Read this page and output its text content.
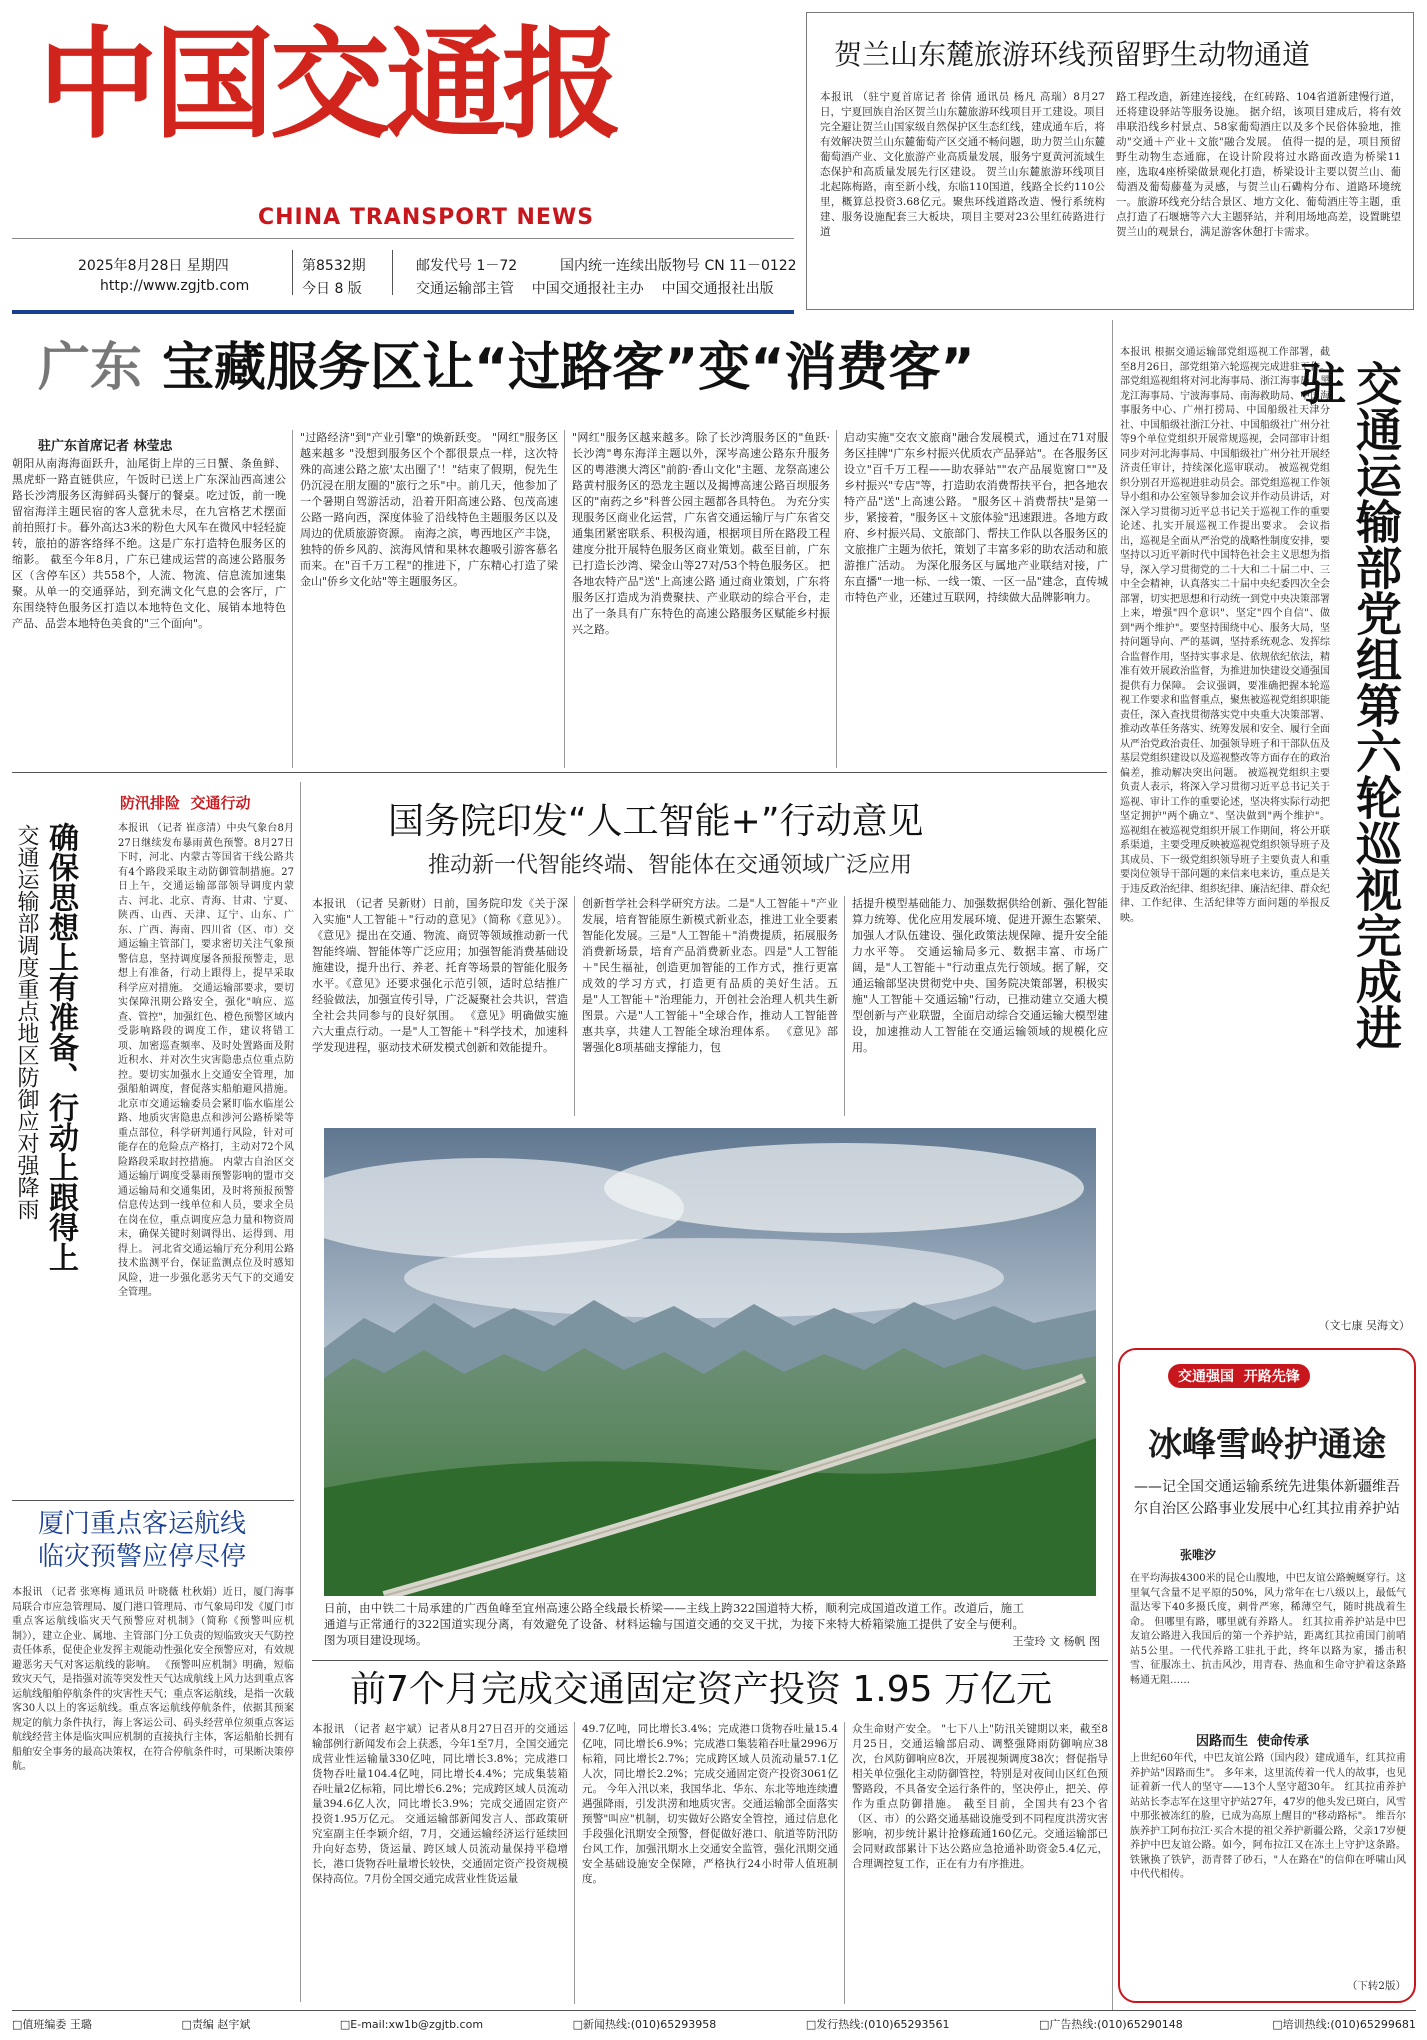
中国交通报
CHINA TRANSPORT NEWS
2025年8月28日 星期四
http://www.zgjtb.com
第8532期
今日 8 版
邮发代号 1－72	国内统一连续出版物号 CN 11－0122
交通运输部主管    中国交通报社主办    中国交通报社出版
贺兰山东麓旅游环线预留野生动物通道
本报讯 （驻宁夏首席记者 徐倩 通讯员 杨凡 高瑞）8月27日，宁夏回族自治区贺兰山东麓旅游环线项目开工建设。项目完全避让贺兰山国家级自然保护区生态红线，建成通车后，将有效解决贺兰山东麓葡萄产区交通不畅问题，助力贺兰山东麓葡萄酒产业、文化旅游产业高质量发展，服务宁夏黄河流域生态保护和高质量发展先行区建设。 贺兰山东麓旅游环线项目北起陈梅路，南至新小线，东临110国道，线路全长约110公里，概算总投资3.68亿元。聚焦环线道路改造、慢行系统构建、服务设施配套三大板块，项目主要对23公里红砖路进行道
路工程改造，新建连接线，在红砖路、104省道新建慢行道，还将建设驿站等服务设施。 据介绍，该项目建成后，将有效串联沿线乡村景点、58家葡萄酒庄以及多个民俗体验地，推动"交通＋产业＋文旅"融合发展。 值得一提的是，项目预留野生动物生态通廊，在设计阶段将过水路面改造为桥梁11座，选取4座桥梁做景观化打造，桥梁设计主要以贺兰山、葡萄酒及葡萄藤蔓为灵感，与贺兰山石磡构分布、道路环境统一。旅游环线充分结合景区、地方文化、葡萄酒庄等主题，重点打造了石堰塘等六大主题驿站，并利用场地高差，设置眺望贺兰山的观景台，满足游客休憩打卡需求。
广东 宝藏服务区让“过路客”变“消费客”
驻广东首席记者 林莹忠
朝阳从南海海面跃升，汕尾街上岸的三日蟹、条鱼鲜、黑虎虾一路直链供应，午饭时已送上广东深汕西高速公路长沙湾服务区海鲜码头餐厅的餐桌。吃过饭，前一晚留宿海洋主题民宿的客人意犹未尽，在九宫格艺术摆面前拍照打卡。暮外高达3米的粉色大风车在微风中轻轻旋转，旅拍的游客络绎不绝。这是广东打造特色服务区的缩影。 截至今年8月，广东已建成运营的高速公路服务区（含停车区）共558个，人流、物流、信息流加速集聚。从单一的交通驿站，到充满文化气息的会客厅，广东围绕特色服务区打造以本地特色文化、展销本地特色产品、品尝本地特色美食的"三个面向"。
"过路经济"到"产业引擎"的焕新跃变。 "网红"服务区越来越多 "没想到服务区个个都很景点一样，这次特殊的高速公路之旅'太出圈了'！"结束了假期，倪先生仍沉浸在朋友圈的"旅行之乐"中。前几天，他参加了一个暑期自驾游活动，沿着开阳高速公路、包茂高速公路一路向西，深度体验了沿线特色主题服务区以及周边的优质旅游资源。 南海之滨，粤西地区产丰饶，独特的侨乡风韵、滨海风情和果林农趣吸引游客慕名而来。在"百千万工程"的推进下，广东精心打造了梁金山"侨乡文化站"等主题服务区。
"网红"服务区越来越多。除了长沙湾服务区的"鱼跃·长沙湾"粤东海洋主题以外，深岑高速公路东升服务区的粤港澳大湾区"前韵·香山文化"主题、龙祭高速公路黄村服务区的恐龙主题以及揭博高速公路百坝服务区的"南药之乡"科普公园主题都各具特色。 为充分实现服务区商业化运营，广东省交通运输厅与广东省交通集团紧密联系、积极沟通，根据项目所在路段工程建度分批开展特色服务区商业策划。截至目前，广东已打造长沙湾、梁金山等27对/53个特色服务区。 把各地农特产品"送"上高速公路 通过商业策划，广东将服务区打造成为消费聚扶、产业联动的综合平台，走出了一条具有广东特色的高速公路服务区赋能乡村振兴之路。
启动实施"交农文旅商"融合发展模式，通过在71对服务区挂牌"广东乡村振兴优质农产品驿站"。在各服务区设立"百千万工程——助农驿站""农产品展览窗口""及乡村振兴"专店"等，打造助农消费帮扶平台，把各地农特产品"送"上高速公路。 "服务区＋消费帮扶"是第一步，紧接着，"服务区＋文旅体验"迅速跟进。各地方政府、乡村振兴局、文旅部门、帮扶工作队以各服务区的文旅推广主题为依托，策划了丰富多彩的助农活动和旅游推广活动。 为深化服务区与属地产业联结对接，广东直播"一地一标、一线一策、一区一品"建念，直传城市特色产业，还建过互联网，持续做大品牌影响力。
防汛排险  交通行动
交通运输部调度重点地区防御应对强降雨 确保思想上有准备、行动上跟得上	本报讯 （记者 崔彦清）中央气象台8月27日继续发布暴雨黄色预警。8月27日下时，河北、内蒙古等国省干线公路共有4个路段采取主动防御管制措施。27日上午，交通运输部部领导调度内蒙古、河北、北京、青海、甘肃、宁夏、陕西、山西、天津、辽宁、山东、广东、广西、海南、四川省（区、市）交通运输主管部门，要求密切关注气象预警信息，坚持调度屡各预报预警走，思想上有准备，行动上跟得上，提早采取科学应对措施。 交通运输部要求，要切实保障汛期公路安全，强化"响应、巡查、管控"，加强红色、橙色预警区域内受影响路段的调度工作，建议将错工项、加密巡查频率、及时处置路面及附近积水、并对次生灾害隐患点位重点防控。要切实加强水上交通安全管理，加强船舶调度，督促落实船舶避风措施。 北京市交通运输委员会紧盯临水临崖公路、地质灾害隐患点和涉河公路桥梁等重点部位，科学研判通行风险，针对可能存在的危险点产格打，主动对72个风险路段采取封控措施。 内蒙古自治区交通运输厅调度受暴雨预警影响的盟市交通运输局和交通集团，及时将预报预警信息传达到一线单位和人员，要求全员在岗在位，重点调度应急力量和物资周末，确保关键时刻调得出、运得到、用得上。 河北省交通运输厅充分利用公路技术监测平台，保证监测点位及时感知风险，进一步强化恶劣天气下的交通安全管理。
厦门重点客运航线
临灾预警应停尽停
本报讯 （记者 张寒梅 通讯员 叶晓薇 杜秋娟）近日，厦门海事局联合市应急管理局、厦门港口管理局、市气象局印发《厦门市重点客运航线临灾天气预警应对机制》（简称《预警叫应机制》），建立企业、属地、主管部门分工负责的短临致灾天气防控责任体系，促使企业发挥主观能动性强化安全预警应对，有效规避恶劣天气对客运航线的影响。 《预警叫应机制》明确，短临致灾天气，是指强对流等突发性天气达成航线上风力达到重点客运航线船舶停航条件的灾害性天气；重点客运航线，是指一次载客30人以上的客运航线。重点客运航线停航条件，依据其预案规定的航力条件执行，海上客运公司、码头经营单位须重点客运航线经营主体是临灾叫应机制的直接执行主体，客运船舶长拥有船舶安全事务的最高决策权，在符合停航条件时，可果断决策停航。
国务院印发“人工智能+”行动意见
推动新一代智能终端、智能体在交通领域广泛应用
本报讯 （记者 吴新财）日前，国务院印发《关于深入实施"人工智能＋"行动的意见》（简称《意见》）。《意见》提出在交通、物流、商贸等领域推动新一代智能终端、智能体等广泛应用；加强智能消费基础设施建设，提升出行、养老、托育等场景的智能化服务水平。《意见》还要求强化示范引领，适时总结推广经验做法，加强宣传引导，广泛凝聚社会共识，营造全社会共同参与的良好氛围。 《意见》明确做实施六大重点行动。一是"人工智能＋"科学技术，加速科学发现进程，驱动技术研发模式创新和效能提升。
创新哲学社会科学研究方法。二是"人工智能＋"产业发展，培育智能原生新模式新业态，推进工业全要素智能化发展。三是"人工智能＋"消费提质，拓展服务消费新场景，培育产品消费新业态。四是"人工智能＋"民生福祉，创造更加智能的工作方式，推行更富成效的学习方式，打造更有品质的美好生活。五是"人工智能＋"治理能力，开创社会治理人机共生新图景。六是"人工智能＋"全球合作，推动人工智能普惠共享，共建人工智能全球治理体系。 《意见》部署强化8项基础支撑能力，包
括提升模型基础能力、加强数据供给创新、强化智能算力统筹、优化应用发展环境、促进开源生态繁荣、加强人才队伍建设、强化政策法规保障、提升安全能力水平等。 交通运输局多元、数据丰富、市场广阔，是"人工智能＋"行动重点先行领域。据了解，交通运输部坚决贯彻党中央、国务院决策部署，积极实施"人工智能＋交通运输"行动，已推动建立交通大模型创新与产业联盟，全面启动综合交通运输大模型建设，加速推动人工智能在交通运输领域的规模化应用。
日前，由中铁二十局承建的广西鱼峰至宜州高速公路全线最长桥梁——主线上跨322国道特大桥，顺利完成国道改道工作。改道后，施工通道与正常通行的322国道实现分离，有效避免了设备、材料运输与国道交通的交叉干扰，为接下来特大桥箱梁施工提供了安全与便利。 图为项目建设现场。	王莹玲 文 杨帆 图
前7个月完成交通固定资产投资 1.95 万亿元
本报讯 （记者 赵宇斌）记者从8月27日召开的交通运输部例行新闻发布会上获悉，今年1至7月，全国交通完成营业性运输量330亿吨，同比增长3.8%；完成港口货物吞吐量104.4亿吨，同比增长4.4%；完成集装箱吞吐量2亿标箱，同比增长6.2%；完成跨区域人员流动量394.6亿人次，同比增长3.9%；完成交通固定资产投资1.95万亿元。 交通运输部新闻发言人、部政策研究室副主任李颖介绍，7月，交通运输经济运行延续回升向好态势，货运量、跨区域人员流动量保持平稳增长，港口货物吞吐量增长较快，交通固定资产投资规模保持高位。7月份全国交通完成营业性货运量
49.7亿吨，同比增长3.4%；完成港口货物吞吐量15.4亿吨，同比增长6.9%；完成港口集装箱吞吐量2996万标箱，同比增长2.7%；完成跨区域人员流动量57.1亿人次，同比增长2.2%；完成交通固定资产投资3061亿元。 今年入汛以来，我国华北、华东、东北等地连续遭遇强降雨，引发洪涝和地质灾害。交通运输部全面落实预警"叫应"机制，切实做好公路安全管控，通过信息化手段强化汛期安全预警，督促做好港口、航道等防汛防台风工作，加强汛期水上交通安全监管，强化汛期交通安全基础设施安全保障，严格执行24小时带人值班制度。
众生命财产安全。 "七下八上"防汛关键期以来，截至8月25日，交通运输部启动、调整强降雨防御响应38次，台风防御响应8次，开展视频调度38次；督促指导相关单位强化主动防御管控，特别是对夜间山区红色预警路段，不具备安全运行条件的，坚决停止，把关、停作为重点防御措施。 截至目前，全国共有23个省（区、市）的公路交通基础设施受到不同程度洪涝灾害影响，初步统计累计抢修疏通160亿元。交通运输部已会同财政部累计下达公路应急抢通补助资金5.4亿元，合理调控复工作，正在有力有序推进。
本报讯 根据交通运输部党组巡视工作部署，截至8月26日，部党组第六轮巡视完成进驻工作。部党组巡视组将对河北海事局、浙江海事局、黑龙江海事局、宁波海事局、南海救助局、中国海事服务中心、广州打捞局、中国船级社天津分社、中国船级社浙江分社、中国船级社广州分社等9个单位党组织开展常规巡视，会同部审计组同步对河北海事局、中国船级社广州分社开展经济责任审计，持续深化巡审联动。 被巡视党组织分别召开巡视进驻动员会。部党组巡视工作领导小组和办公室领导参加会议并作动员讲话，对深入学习贯彻习近平总书记关于巡视工作的重要论述、扎实开展巡视工作提出要求。 会议指出，巡视是全面从严治党的战略性制度安排，要坚持以习近平新时代中国特色社会主义思想为指导，深入学习贯彻党的二十大和二十届二中、三中全会精神，认真落实二十届中央纪委四次全会部署，切实把思想和行动统一到党中央决策部署上来，增强"四个意识"、坚定"四个自信"、做到"两个维护"。要坚持围绕中心、服务大局，坚持问题导向、严的基调，坚持系统观念、发挥综合监督作用，坚持实事求是、依规依纪依法，精准有效开展政治监督，为推进加快建设交通强国提供有力保障。 会议强调，要准确把握本轮巡视工作要求和监督重点，聚焦被巡视党组织职能责任，深入查找贯彻落实党中央重大决策部署、推动改革任务落实、统筹发展和安全、履行全面从严治党政治责任、加强领导班子和干部队伍及基层党组织建设以及巡视整改等方面存在的政治偏差，推动解决突出问题。 被巡视党组织主要负责人表示，将深入学习贯彻习近平总书记关于巡视、审计工作的重要论述，坚决将实际行动把坚定拥护"两个确立"、坚决做到"两个维护"。 巡视组在被巡视党组织开展工作期间，将公开联系渠道，主要受理反映被巡视党组织领导班子及其成员、下一级党组织领导班子主要负责人和重要岗位领导干部问题的来信来电来访，重点是关于违反政治纪律、组织纪律、廉洁纪律、群众纪律、工作纪律、生活纪律等方面问题的举报反映。	交通运输部党组第六轮巡视完成进驻
（文七康 吴海文）
交通强国  开路先锋
冰峰雪岭护通途
——记全国交通运输系统先进集体新疆维吾尔自治区公路事业发展中心红其拉甫养护站
张唯汐
在平均海拔4300米的昆仑山腹地，中巴友谊公路蜿蜒穿行。这里氧气含量不足平原的50%，风力常年在七八级以上，最低气温达零下40多摄氏度，刺骨严寒，稀薄空气，随时挑战着生命。 但哪里有路，哪里就有养路人。 红其拉甫养护站是中巴友谊公路进入我国后的第一个养护站，距离红其拉甫国门前哨站5公里。一代代养路工驻扎于此，终年以路为家，播击积雪、征服冻土、抗击风沙，用青春、热血和生命守护着这条路畅通无阻……
因路而生  使命传承
上世纪60年代，中巴友谊公路（国内段）建成通车，红其拉甫养护站"因路而生"。 多年来，这里流传着一代人的故事，也见证着新一代人的坚守——13个人坚守超30年。 红其拉甫养护站站长李志军在这里守护站27年，47岁的他头发已斑白，风雪中那张被冻红的脸，已成为高原上醒目的"移动路标"。 维吾尔族养护工阿布拉江·买合木提的祖父养护新疆公路，父亲17岁便养护中巴友谊公路。如今，阿布拉江又在冻土上守护这条路。铁锹换了铁铲，沥青替了砂石，"人在路在"的信仰在呼啸山风中代代相传。
（下转2版）
□值班编委 王璐	□责编 赵宇斌	□E-mail:xw1b@zgjtb.com	□新闻热线:(010)65293958	□发行热线:(010)65293561	□广告热线:(010)65290148	□培训热线:(010)65299681
